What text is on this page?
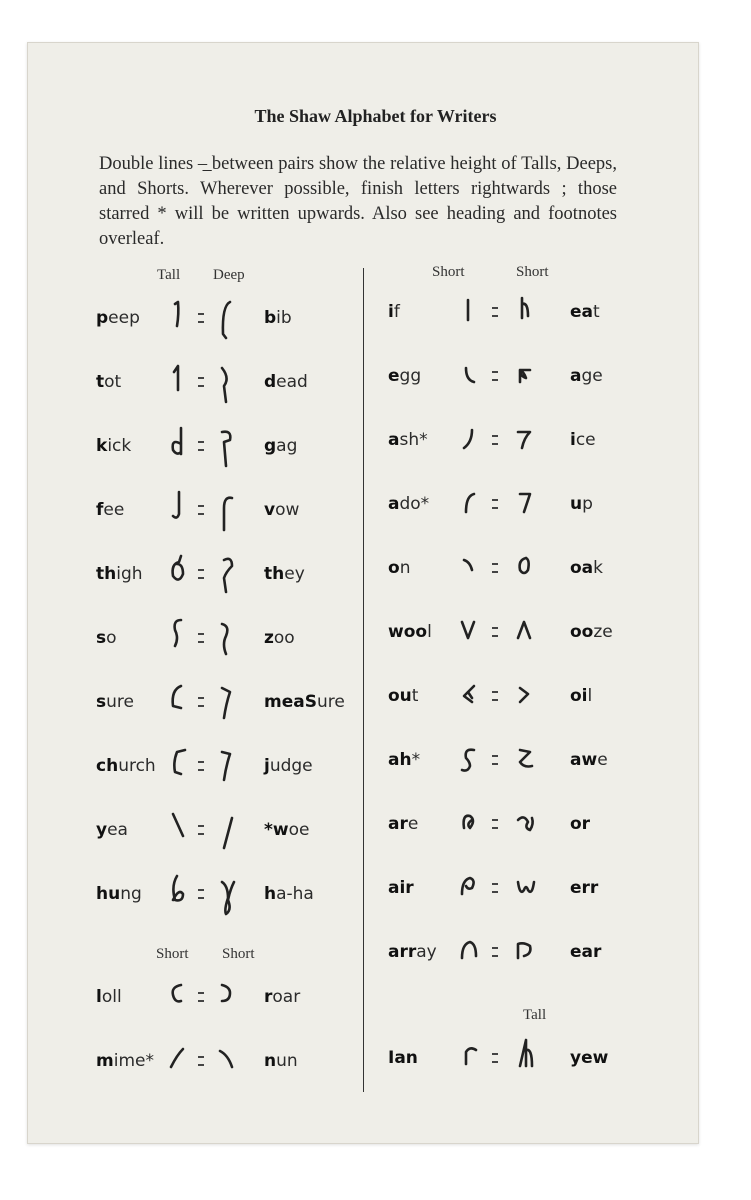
The Shaw Alphabet for Writers

Double lines –̲ between pairs show the relative height of Talls, Deeps, and Shorts. Wherever possible, finish letters rightwards ; those starred * will be written upwards. Also see heading and footnotes overleaf.

Tall Deep	Short	Short
Short Short
Tall
peep	bib
tot	dead
kick	gag
fee	vow
thigh	they
so	zoo
sure	meaSure
church	judge
yea	*woe
hung	ha-ha
loll	roar
mime*	nun
if	eat
egg	age
ash*	ice
ado*	up
on	oak
wool	ooze
out	oil
ah*	awe
are	or
air	err
array	ear
Ian	yew
